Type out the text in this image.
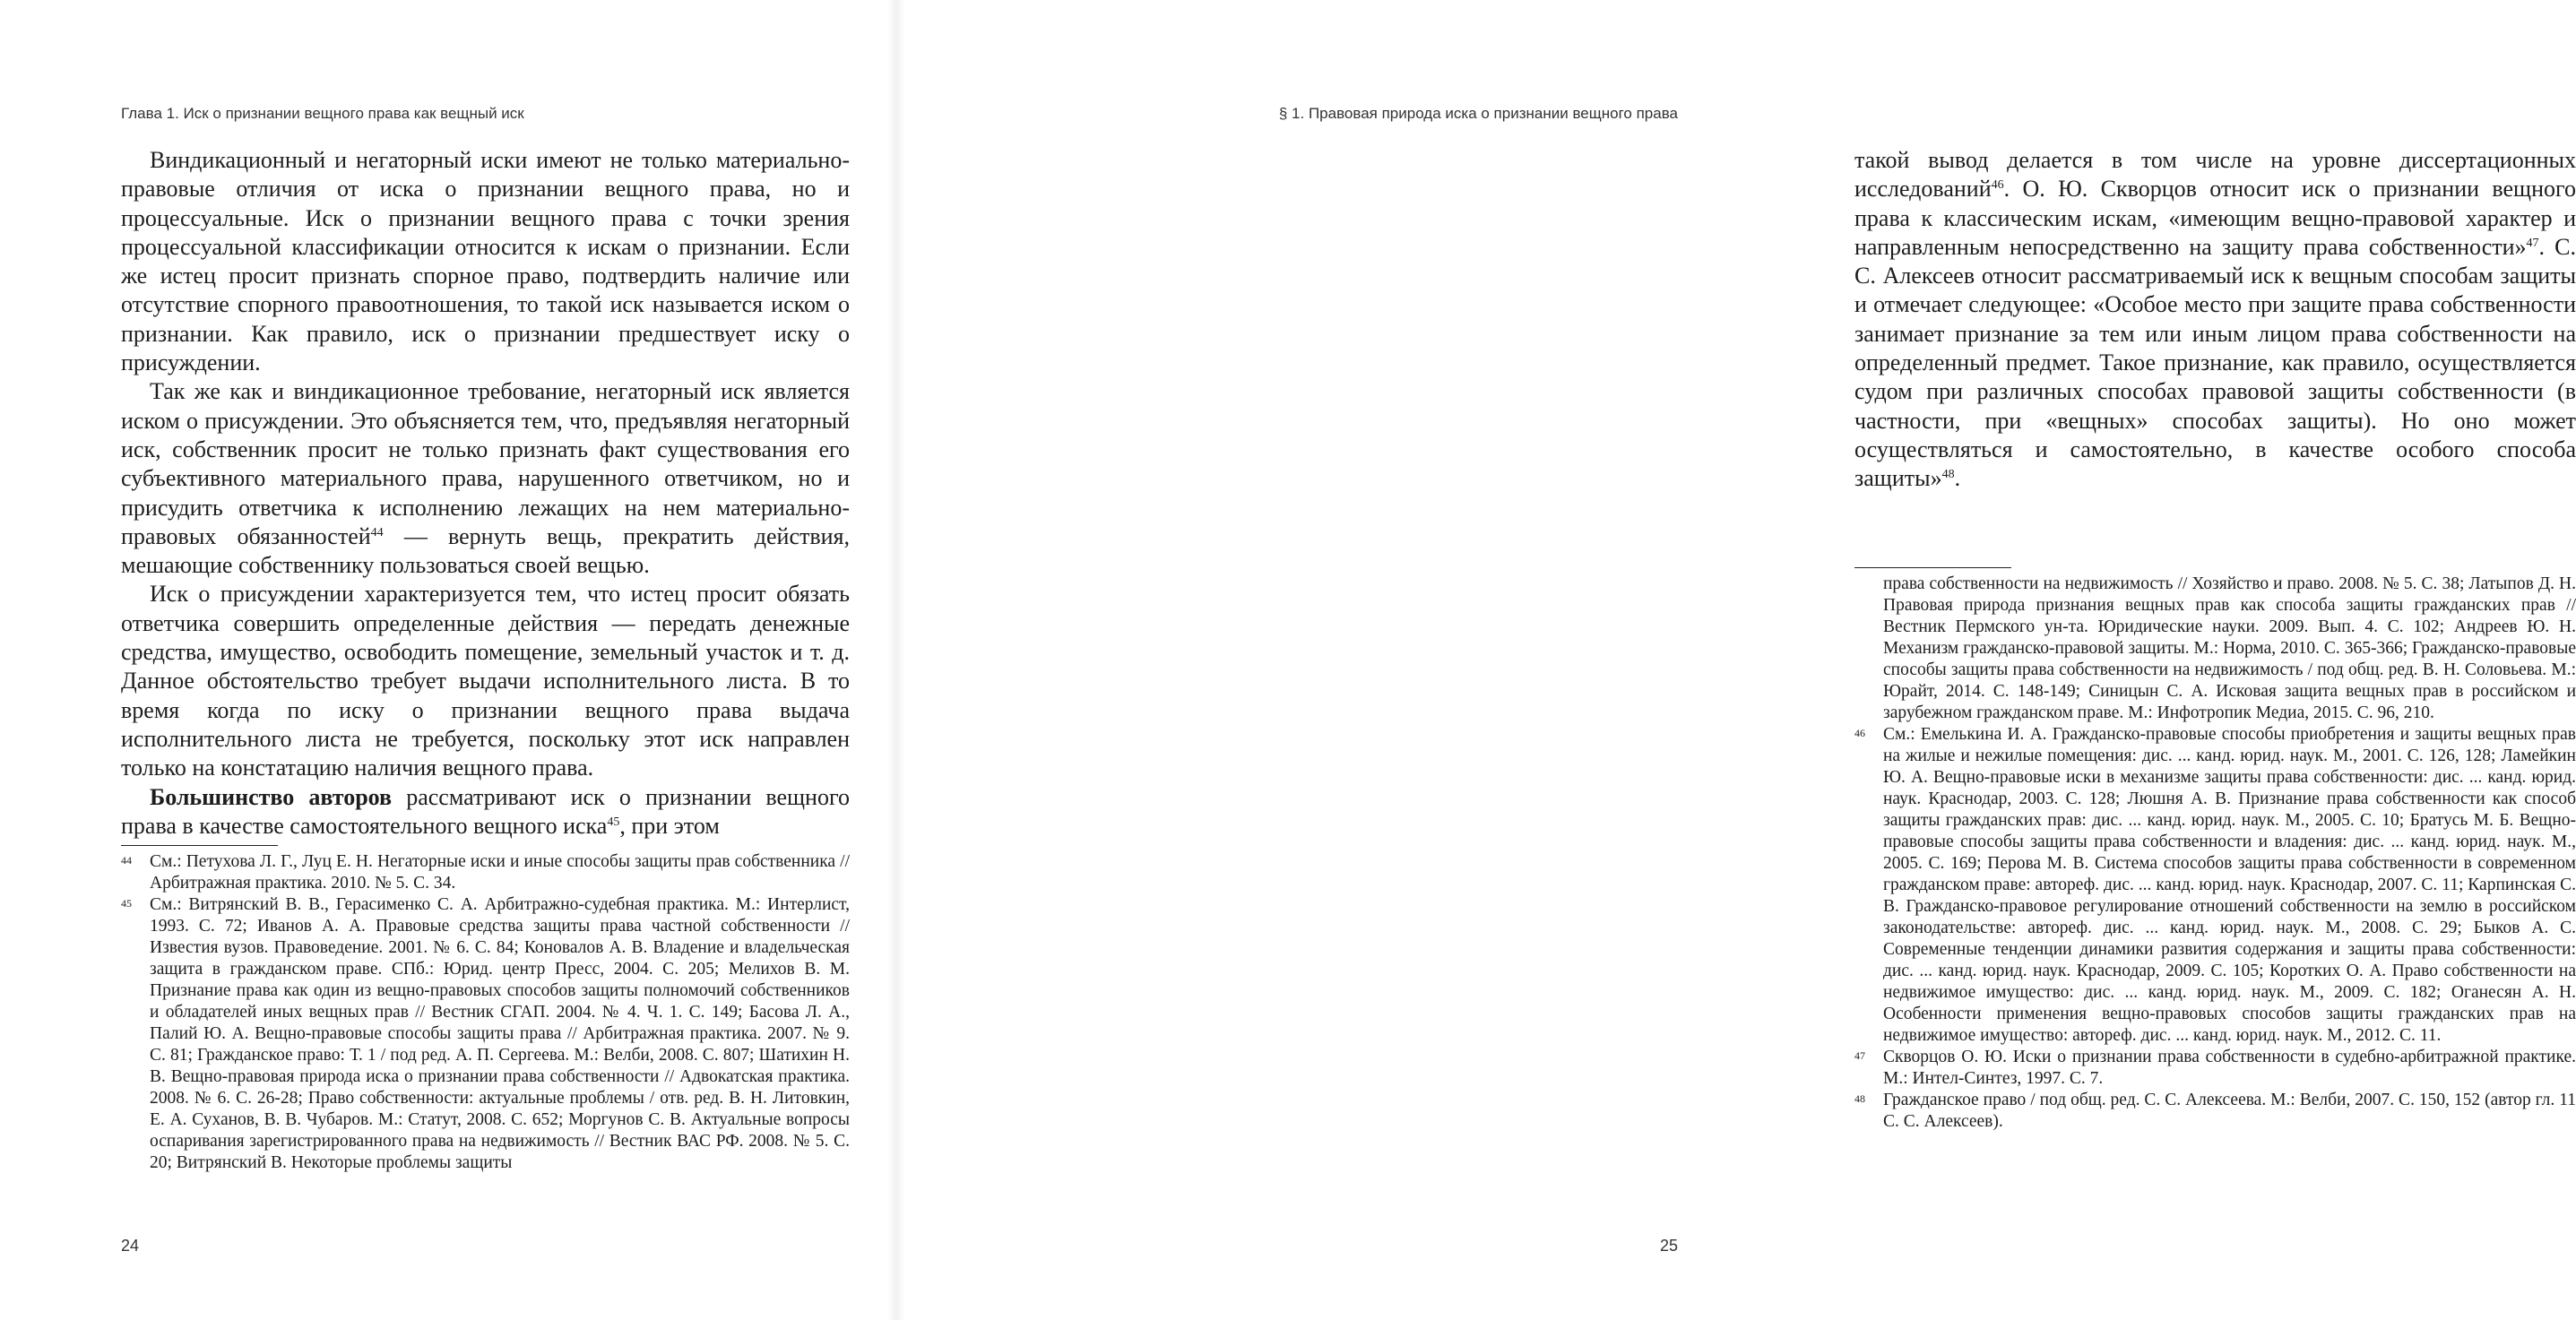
Глава 1. Иск о признании вещного права как вещный иск

Виндикационный и негаторный иски имеют не только материально-правовые отличия от иска о признании вещного права, но и процессуальные. Иск о признании вещного права с точки зрения процессуальной классификации относится к искам о признании. Если же истец просит признать спорное право, подтвердить наличие или отсутствие спорного правоотношения, то такой иск называется иском о признании. Как правило, иск о признании предшествует иску о присуждении.

Так же как и виндикационное требование, негаторный иск является иском о присуждении. Это объясняется тем, что, предъявляя негаторный иск, собственник просит не только признать факт существования его субъективного материального права, нарушенного ответчиком, но и присудить ответчика к исполнению лежащих на нем материально-правовых обязанностей$^{44}$ — вернуть вещь, прекратить действия, мешающие собственнику пользоваться своей вещью.

Иск о присуждении характеризуется тем, что истец просит обязать ответчика совершить определенные действия — передать денежные средства, имущество, освободить помещение, земельный участок и т. д. Данное обстоятельство требует выдачи исполнительного листа. В то время когда по иску о признании вещного права выдача исполнительного листа не требуется, поскольку этот иск направлен только на констатацию наличия вещного права.

Большинство авторов рассматривают иск о признании вещного права в качестве самостоятельного вещного иска$^{45}$, при этом

44 См.: Петухова Л. Г., Луц Е. Н. Негаторные иски и иные способы защиты прав собственника // Арбитражная практика. 2010. № 5. С. 34.
45 См.: Витрянский В. В., Герасименко С. А. Арбитражно-судебная практика. М.: Интерлист, 1993. С. 72; Иванов А. А. Правовые средства защиты права частной собственности // Известия вузов. Правоведение. 2001. № 6. С. 84; Коновалов А. В. Владение и владельческая защита в гражданском праве. СПб.: Юрид. центр Пресс, 2004. С. 205; Мелихов В. М. Признание права как один из вещно-правовых способов защиты полномочий собственников и обладателей иных вещных прав // Вестник СГАП. 2004. № 4. Ч. 1. С. 149; Басова Л. А., Палий Ю. А. Вещно-правовые способы защиты права // Арбитражная практика. 2007. № 9. С. 81; Гражданское право: Т. 1 / под ред. А. П. Сергеева. М.: Велби, 2008. С. 807; Шатихин Н. В. Вещно-правовая природа иска о признании права собственности // Адвокатская практика. 2008. № 6. С. 26-28; Право собственности: актуальные проблемы / отв. ред. В. Н. Литовкин, Е. А. Суханов, В. В. Чубаров. М.: Статут, 2008. С. 652; Моргунов С. В. Актуальные вопросы оспаривания зарегистрированного права на недвижимость // Вестник ВАС РФ. 2008. № 5. С. 20; Витрянский В. Некоторые проблемы защиты
24
§ 1. Правовая природа иска о признании вещного права

такой вывод делается в том числе на уровне диссертационных исследований$^{46}$. О. Ю. Скворцов относит иск о признании вещного права к классическим искам, «имеющим вещно-правовой характер и направленным непосредственно на защиту права собственности»$^{47}$. С. С. Алексеев относит рассматриваемый иск к вещным способам защиты и отмечает следующее: «Особое место при защите права собственности занимает признание за тем или иным лицом права собственности на определенный предмет. Такое признание, как правило, осуществляется судом при различных способах правовой защиты собственности (в частности, при «вещных» способах защиты). Но оно может осуществляться и самостоятельно, в качестве особого способа защиты»$^{48}$.

права собственности на недвижимость // Хозяйство и право. 2008. № 5. С. 38; Латыпов Д. Н. Правовая природа признания вещных прав как способа защиты гражданских прав // Вестник Пермского ун-та. Юридические науки. 2009. Вып. 4. С. 102; Андреев Ю. Н. Механизм гражданско-правовой защиты. М.: Норма, 2010. С. 365-366; Гражданско-правовые способы защиты права собственности на недвижимость / под общ. ред. В. Н. Соловьева. М.: Юрайт, 2014. С. 148-149; Синицын С. А. Исковая защита вещных прав в российском и зарубежном гражданском праве. М.: Инфотропик Медиа, 2015. С. 96, 210.
46 См.: Емелькина И. А. Гражданско-правовые способы приобретения и защиты вещных прав на жилые и нежилые помещения: дис. ... канд. юрид. наук. М., 2001. С. 126, 128; Ламейкин Ю. А. Вещно-правовые иски в механизме защиты права собственности: дис. ... канд. юрид. наук. Краснодар, 2003. С. 128; Люшня А. В. Признание права собственности как способ защиты гражданских прав: дис. ... канд. юрид. наук. М., 2005. С. 10; Братусь М. Б. Вещно-правовые способы защиты права собственности и владения: дис. ... канд. юрид. наук. М., 2005. С. 169; Перова М. В. Система способов защиты права собственности в современном гражданском праве: автореф. дис. ... канд. юрид. наук. Краснодар, 2007. С. 11; Карпинская С. В. Гражданско-правовое регулирование отношений собственности на землю в российском законодательстве: автореф. дис. ... канд. юрид. наук. М., 2008. С. 29; Быков А. С. Современные тенденции динамики развития содержания и защиты права собственности: дис. ... канд. юрид. наук. Краснодар, 2009. С. 105; Коротких О. А. Право собственности на недвижимое имущество: дис. ... канд. юрид. наук. М., 2009. С. 182; Оганесян А. Н. Особенности применения вещно-правовых способов защиты гражданских прав на недвижимое имущество: автореф. дис. ... канд. юрид. наук. М., 2012. С. 11.
47 Скворцов О. Ю. Иски о признании права собственности в судебно-арбитражной практике. М.: Интел-Синтез, 1997. С. 7.
48 Гражданское право / под общ. ред. С. С. Алексеева. М.: Велби, 2007. С. 150, 152 (автор гл. 11 С. С. Алексеев).
25
